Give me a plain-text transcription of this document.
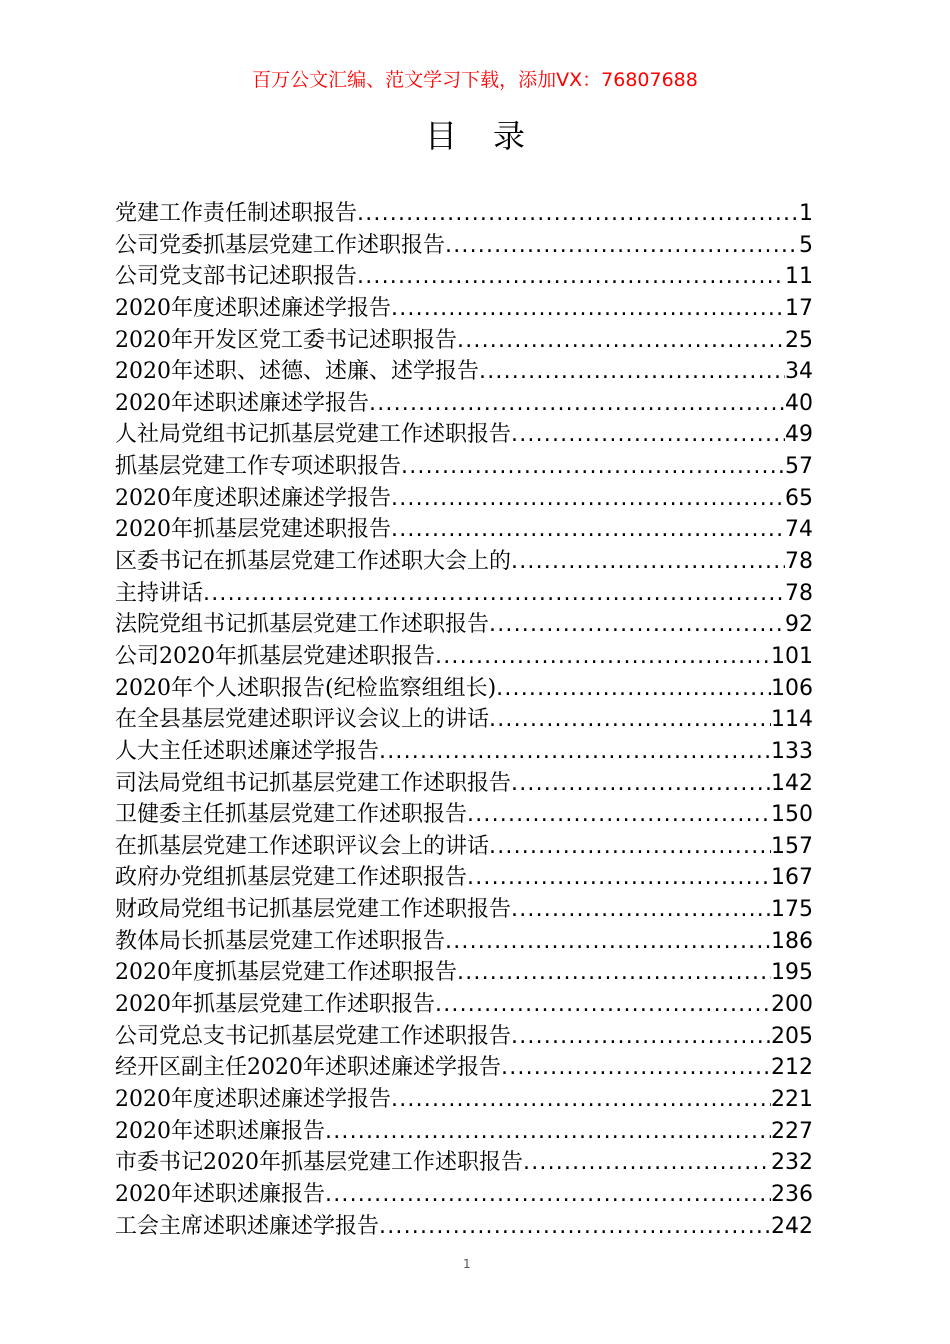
百万公文汇编、范文学习下载，添加VX：76807688
目录
党建工作责任制述职报告 .....	1
公司党委抓基层党建工作述职报告 .....	5
公司党支部书记述职报告 .....	11
2020年度述职述廉述学报告 .....	17
2020年开发区党工委书记述职报告 .....	25
2020年述职、述德、述廉、述学报告 .....	34
2020年述职述廉述学报告 .....	40
人社局党组书记抓基层党建工作述职报告 .....	49
抓基层党建工作专项述职报告 .....	57
2020年度述职述廉述学报告 .....	65
2020年抓基层党建述职报告 .....	74
区委书记在抓基层党建工作述职大会上的 .....	78
主持讲话 .....	78
法院党组书记抓基层党建工作述职报告 .....	92
公司2020年抓基层党建述职报告 .....	101
2020年个人述职报告(纪检监察组组长) .....	106
在全县基层党建述职评议会议上的讲话 .....	114
人大主任述职述廉述学报告 .....	133
司法局党组书记抓基层党建工作述职报告 .....	142
卫健委主任抓基层党建工作述职报告 .....	150
在抓基层党建工作述职评议会上的讲话 .....	157
政府办党组抓基层党建工作述职报告 .....	167
财政局党组书记抓基层党建工作述职报告 .....	175
教体局长抓基层党建工作述职报告 .....	186
2020年度抓基层党建工作述职报告 .....	195
2020年抓基层党建工作述职报告 .....	200
公司党总支书记抓基层党建工作述职报告 .....	205
经开区副主任2020年述职述廉述学报告 .....	212
2020年度述职述廉述学报告 .....	221
2020年述职述廉报告 .....	227
市委书记2020年抓基层党建工作述职报告 .....	232
2020年述职述廉报告 .....	236
工会主席述职述廉述学报告 .....	242
1
